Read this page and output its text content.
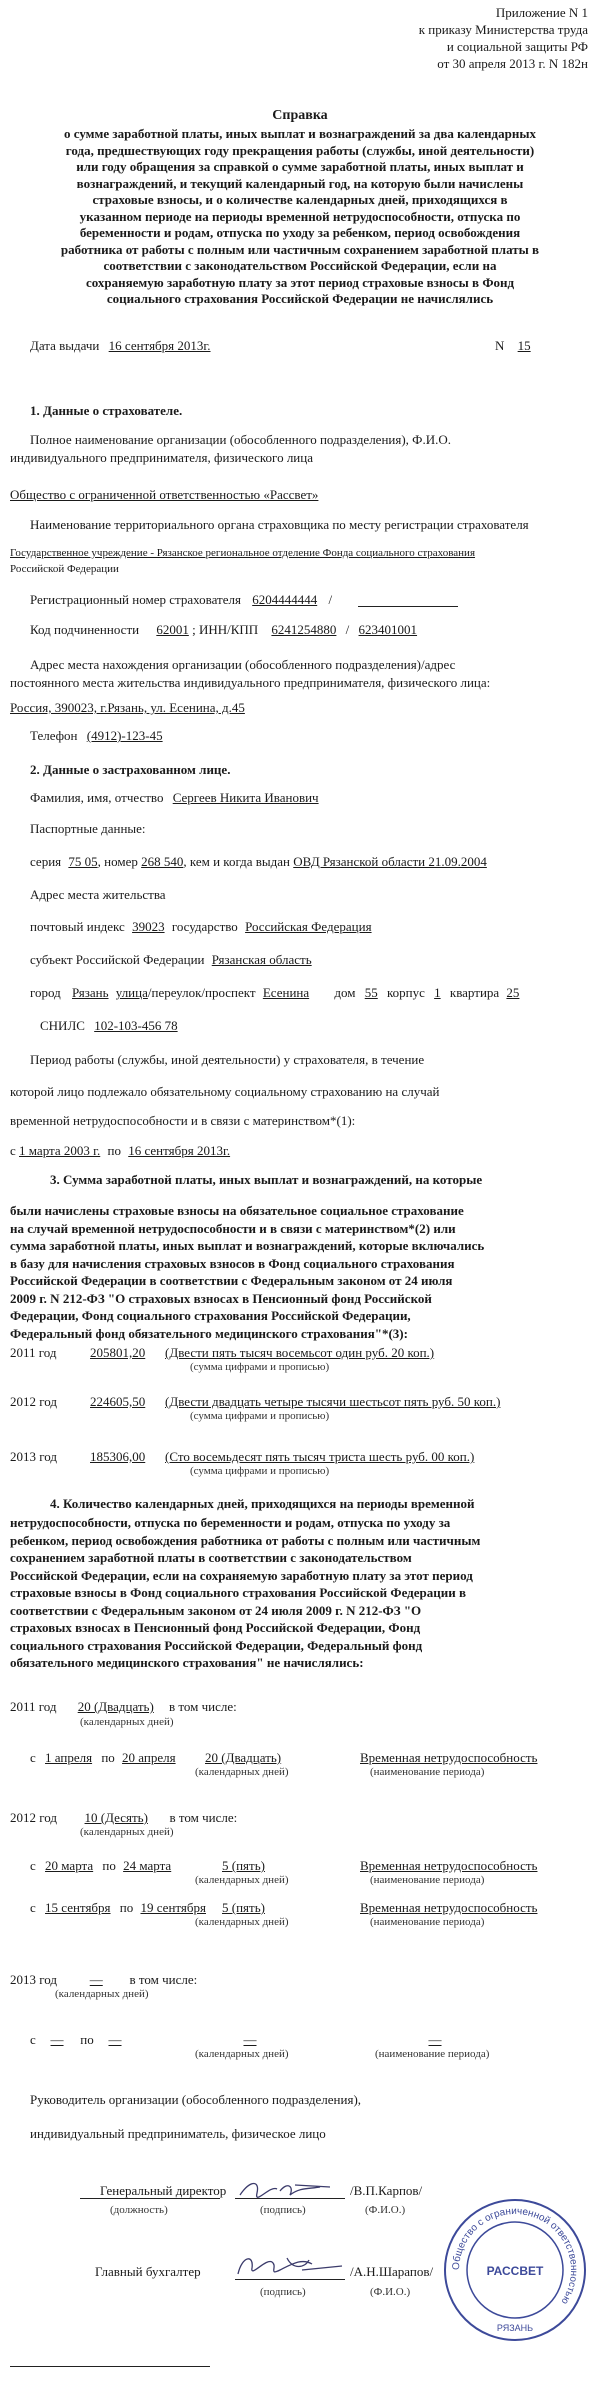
Приложение N 1
к приказу Министерства труда
и социальной защиты РФ
от 30 апреля 2013 г. N 182н
Справка
о сумме заработной платы, иных выплат и вознаграждений за два календарных
года, предшествующих году прекращения работы (службы, иной деятельности)
или году обращения за справкой о сумме заработной платы, иных выплат и
вознаграждений, и текущий календарный год, на которую были начислены
страховые взносы, и о количестве календарных дней, приходящихся в
указанном периоде на периоды временной нетрудоспособности, отпуска по
беременности и родам, отпуска по уходу за ребенком, период освобождения
работника от работы с полным или частичным сохранением заработной платы в
соответствии с законодательством Российской Федерации, если на
сохраняемую заработную плату за этот период страховые взносы в Фонд
социального страхования Российской Федерации не начислялись
Дата выдачи 16 сентября 2013г.	N 15
1. Данные о страхователе.
Полное наименование организации (обособленного подразделения), Ф.И.О.
индивидуального предпринимателя, физического лица
Общество с ограниченной ответственностью «Рассвет»
Наименование территориального органа страховщика по месту регистрации страхователя
Государственное учреждение - Рязанское региональное отделение Фонда социального страхования
Российской Федерации
Регистрационный номер страхователя 6204444444 /
Код подчиненности 62001 ; ИНН/КПП 6241254880 / 623401001
Адрес места нахождения организации (обособленного подразделения)/адрес
постоянного места жительства индивидуального предпринимателя, физического лица:
Россия, 390023, г.Рязань, ул. Есенина, д.45
Телефон (4912)-123-45
2. Данные о застрахованном лице.
Фамилия, имя, отчество Сергеев Никита Иванович
Паспортные данные:
серия 75 05, номер 268 540, кем и когда выдан ОВД Рязанской области 21.09.2004
Адрес места жительства
почтовый индекс 39023 государство Российская Федерация
субъект Российской Федерации Рязанская область
город Рязань улица/переулок/проспект Есенина дом 55 корпус 1 квартира 25
СНИЛС 102-103-456 78
Период работы (службы, иной деятельности) у страхователя, в течение
которой лицо подлежало обязательному социальному страхованию на случай
временной нетрудоспособности и в связи с материнством*(1):
с 1 марта 2003 г. по 16 сентября 2013г.
3. Сумма заработной платы, иных выплат и вознаграждений, на которые
были начислены страховые взносы на обязательное социальное страхование
на случай временной нетрудоспособности и в связи с материнством*(2) или
сумма заработной платы, иных выплат и вознаграждений, которые включались
в базу для начисления страховых взносов в Фонд социального страхования
Российской Федерации в соответствии с Федеральным законом от 24 июля
2009 г. N 212-ФЗ "О страховых взносах в Пенсионный фонд Российской
Федерации, Фонд социального страхования Российской Федерации,
Федеральный фонд обязательного медицинского страхования"*(3):
2011 год	205801,20 (Двести пять тысяч восемьсот один руб. 20 коп.)
(сумма цифрами и прописью)
2012 год	224605,50 (Двести двадцать четыре тысячи шестьсот пять руб. 50 коп.)
(сумма цифрами и прописью)
2013 год	185306,00 (Сто восемьдесят пять тысяч триста шесть руб. 00 коп.)
(сумма цифрами и прописью)
4. Количество календарных дней, приходящихся на периоды временной
нетрудоспособности, отпуска по беременности и родам, отпуска по уходу за
ребенком, период освобождения работника от работы с полным или частичным
сохранением заработной платы в соответствии с законодательством
Российской Федерации, если на сохраняемую заработную плату за этот период
страховые взносы в Фонд социального страхования Российской Федерации в
соответствии с Федеральным законом от 24 июля 2009 г. N 212-ФЗ "О
страховых взносах в Пенсионный фонд Российской Федерации, Фонд
социального страхования Российской Федерации, Федеральный фонд
обязательного медицинского страхования" не начислялись:
2011 год 20 (Двадцать) в том числе:
(календарных дней)
с 1 апреля по 20 апреля 20 (Двадцать)	Временная нетрудоспособность
(календарных дней)	(наименование периода)
2012 год 10 (Десять) в том числе:
(календарных дней)
с 20 марта по 24 марта	5 (пять)	Временная нетрудоспособность
(календарных дней)	(наименование периода)
с 15 сентября по 19 сентября 5 (пять)	Временная нетрудоспособность
(календарных дней)	(наименование периода)
2013 год	— в том числе:
(календарных дней)
с — по —	—	—
(календарных дней)	(наименование периода)
Руководитель организации (обособленного подразделения),
индивидуальный предприниматель, физическое лицо
Генеральный директор	/В.П.Карпов/
(должность)	(подпись)	(Ф.И.О.)
Главный бухгалтер	/А.Н.Шарапов/
(подпись)	(Ф.И.О.)
Общество с ограниченной ответственностью
РАССВЕТ
РЯЗАНЬ
